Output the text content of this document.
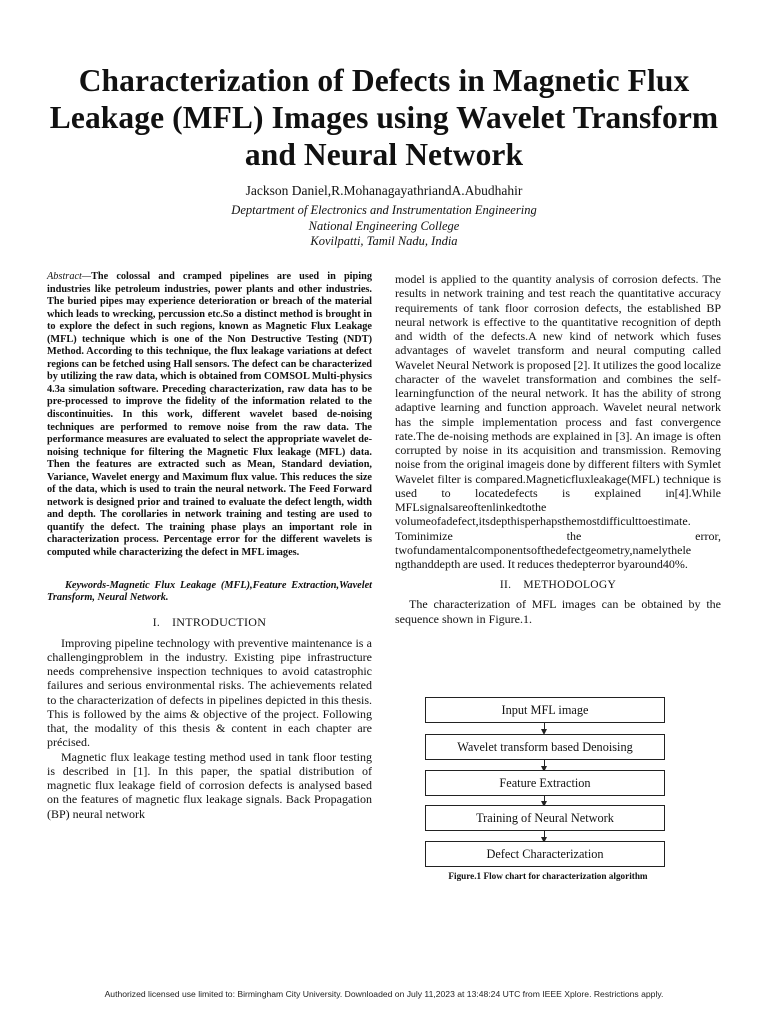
Characterization of Defects in Magnetic Flux Leakage (MFL) Images using Wavelet Transform and Neural Network

Jackson Daniel,R.MohanagayathriandA.Abudhahir

Deptartment of Electronics and Instrumentation Engineering
National Engineering College
Kovilpatti, Tamil Nadu, India

Abstract—The colossal and cramped pipelines are used in piping industries like petroleum industries, power plants and other industries. The buried pipes may experience deterioration or breach of the material which leads to wrecking, percussion etc.So a distinct method is brought in to explore the defect in such regions, known as Magnetic Flux Leakage (MFL) technique which is one of the Non Destructive Testing (NDT) Method. According to this technique, the flux leakage variations at defect regions can be fetched using Hall sensors. The defect can be characterized by utilizing the raw data, which is obtained from COMSOL Multi-physics 4.3a simulation software. Preceding characterization, raw data has to be pre-processed to improve the fidelity of the information related to the discontinuities. In this work, different wavelet based de-noising techniques are performed to remove noise from the raw data. The performance measures are evaluated to select the appropriate wavelet de-noising technique for filtering the Magnetic Flux leakage (MFL) data. Then the features are extracted such as Mean, Standard deviation, Variance, Wavelet energy and Maximum flux value. This reduces the size of the data, which is used to train the neural network. The Feed Forward network is designed prior and trained to evaluate the defect length, width and depth. The corollaries in network training and testing are used to quantify the defect. The training phase plays an important role in characterization process. Percentage error for the different wavelets is computed while characterizing the defect in MFL images.

Keywords-Magnetic Flux Leakage (MFL),Feature Extraction,Wavelet Transform, Neural Network.

I. INTRODUCTION

Improving pipeline technology with preventive maintenance is a challengingproblem in the industry. Existing pipe infrastructure needs comprehensive inspection techniques to avoid catastrophic failures and serious environmental risks. The achievements related to the characterization of defects in pipelines depicted in this thesis. This is followed by the aims & objective of the project. Following that, the modality of this thesis & content in each chapter are précised.

Magnetic flux leakage testing method used in tank floor testing is described in [1]. In this paper, the spatial distribution of magnetic flux leakage field of corrosion defects is analysed based on the features of magnetic flux leakage signals. Back Propagation (BP) neural network

model is applied to the quantity analysis of corrosion defects. The results in network training and test reach the quantitative accuracy requirements of tank floor corrosion defects, the established BP neural network is effective to the quantitative recognition of depth and width of the defects.A new kind of network which fuses advantages of wavelet transform and neural computing called Wavelet Neural Network is proposed [2]. It utilizes the good localize character of the wavelet transformation and combines the self-learningfunction of the neural network. It has the ability of strong adaptive learning and function approach. Wavelet neural network has the simple implementation process and fast convergence rate.The de-noising methods are explained in [3]. An image is often corrupted by noise in its acquisition and transmission. Removing noise from the original imageis done by different filters with Symlet Wavelet filter is compared.Magneticfluxleakage(MFL) technique is used to locatedefects is explained in[4].While MFLsignalsareoftenlinkedtothe volumeofadefect,itsdepthisperhapsthemostdifficulttoestimate. Tominimize the error, twofundamentalcomponentsofthedefectgeometry,namelythele ngthanddepth are used. It reduces thedepterror byaround40%.

II. METHODOLOGY

The characterization of MFL images can be obtained by the sequence shown in Figure.1.

Input MFL image
Wavelet transform based Denoising
Feature Extraction
Training of Neural Network
Defect Characterization

Figure.1 Flow chart for characterization algorithm

Authorized licensed use limited to: Birmingham City University. Downloaded on July 11,2023 at 13:48:24 UTC from IEEE Xplore. Restrictions apply.
